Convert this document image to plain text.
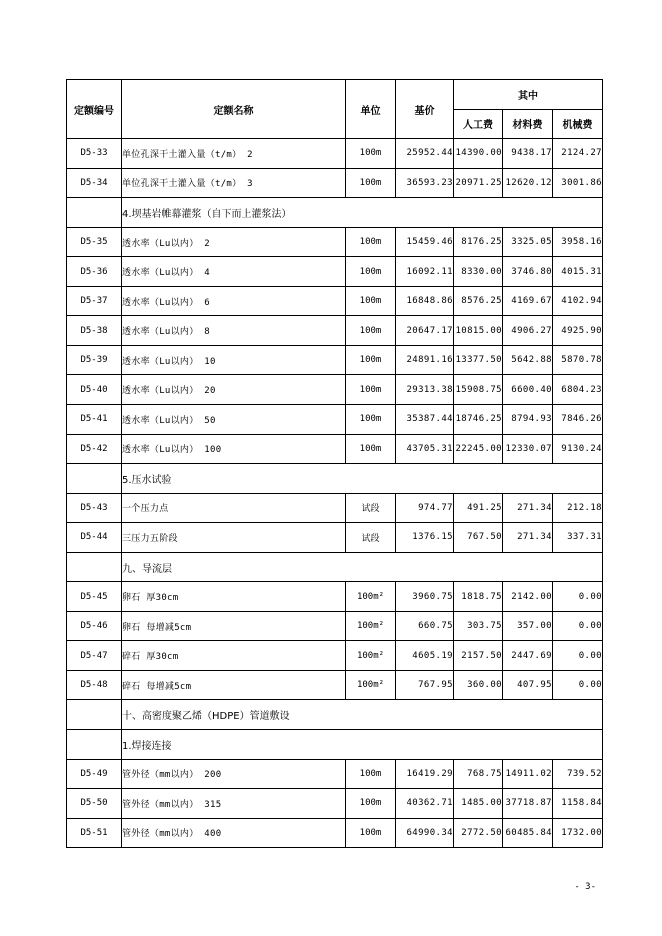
定额编号	定额名称	单位	基价	其中		
				人工费	材料费	机械费
D5-33	单位孔深干土灌入量（t/m） 2	100m	25952.44	14390.00	9438.17	2124.27
D5-34	单位孔深干土灌入量（t/m） 3	100m	36593.23	20971.25	12620.12	3001.86
	4.坝基岩帷幕灌浆（自下而上灌浆法）					
D5-35	透水率（Lu以内） 2	100m	15459.46	8176.25	3325.05	3958.16
D5-36	透水率（Lu以内） 4	100m	16092.11	8330.00	3746.80	4015.31
D5-37	透水率（Lu以内） 6	100m	16848.86	8576.25	4169.67	4102.94
D5-38	透水率（Lu以内） 8	100m	20647.17	10815.00	4906.27	4925.90
D5-39	透水率（Lu以内） 10	100m	24891.16	13377.50	5642.88	5870.78
D5-40	透水率（Lu以内） 20	100m	29313.38	15908.75	6600.40	6804.23
D5-41	透水率（Lu以内） 50	100m	35387.44	18746.25	8794.93	7846.26
D5-42	透水率（Lu以内） 100	100m	43705.31	22245.00	12330.07	9130.24
	5.压水试验					
D5-43	一个压力点	试段	974.77	491.25	271.34	212.18
D5-44	三压力五阶段	试段	1376.15	767.50	271.34	337.31
	九、导流层					
D5-45	卵石 厚30cm	100m²	3960.75	1818.75	2142.00	0.00
D5-46	卵石 每增减5cm	100m²	660.75	303.75	357.00	0.00
D5-47	碎石 厚30cm	100m²	4605.19	2157.50	2447.69	0.00
D5-48	碎石 每增减5cm	100m²	767.95	360.00	407.95	0.00
	十、高密度聚乙烯（HDPE）管道敷设					
	1.焊接连接					
D5-49	管外径（mm以内） 200	100m	16419.29	768.75	14911.02	739.52
D5-50	管外径（mm以内） 315	100m	40362.71	1485.00	37718.87	1158.84
D5-51	管外径（mm以内） 400	100m	64990.34	2772.50	60485.84	1732.00
- 3-
